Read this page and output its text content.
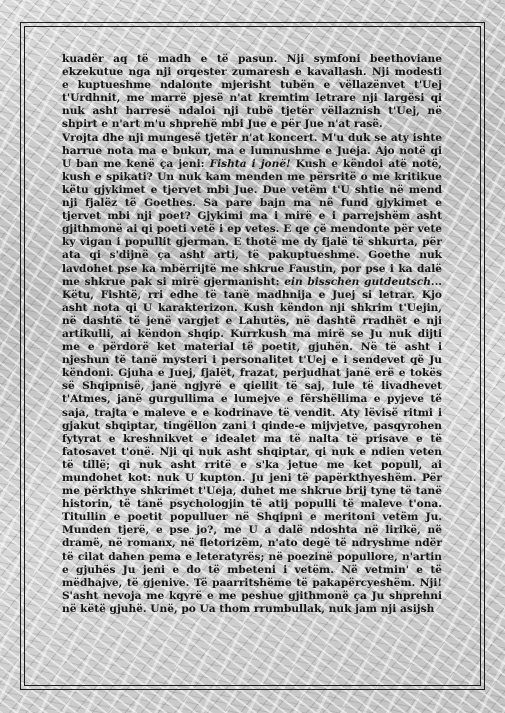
kuadër aq të madh e të pasun. Nji symfoni beethoviane
ekzekutue nga nji orqester zumaresh e kavallash. Nji modesti
e kuptueshme ndalonte mjerisht tubën e vëllazënvet t'Uej
t'Urdhnit, me marrë pjesë n'at kremtim letrare nji largësi qi
nuk asht harresë ndaloi nji tubë tjetër vëllaznish t'Uej, në
shpirt e n'art m'u shprehë mbi Jue e për Jue n'at rasë.
Vrojta dhe nji mungesë tjetër n'at koncert. M'u duk se aty ishte
harrue nota ma e bukur, ma e lumnushme e Jueja. Ajo notë qi
U ban me kenë ça jeni: Fishta i jonë! Kush e këndoi atë notë,
kush e spikati? Un nuk kam menden me përsritë o me kritikue
këtu gjykimet e tjervet mbi Jue. Due vetëm t'U shtie në mend
nji fjalëz të Goethes. Sa pare bajn ma në fund gjykimet e
tjervet mbi nji poet? Gjykimi ma i mirë e i parrejshëm asht
gjithmonë ai qi poeti vetë i ep vetes. E qe çë mendonte për vete
ky vigan i popullit gjerman. E thotë me dy fjalë të shkurta, për
ata qi s'dijnë ça asht arti, të pakuptueshme. Goethe nuk
lavdohet pse ka mbërrijtë me shkrue Faustin, por pse i ka dalë
me shkrue pak si mirë gjermanisht: ein bisschen gutdeutsch...
Këtu, Fishtë, rri edhe të tanë madhnija e Juej si letrar. Kjo
asht nota qi U karakterizon. Kush këndon nji shkrim t'Uejin,
në dashtë të jenë vargjet e Lahutës, në dashtë rradhët e nji
artikulli, ai këndon shqip. Kurrkush ma mirë se Ju nuk dijti
me e përdorë ket material të poetit, gjuhën. Në të asht i
njeshun të tanë mysteri i personalitet t'Uej e i sendevet që Ju
këndoni. Gjuha e Juej, fjalët, frazat, perjudhat janë erë e tokës
së Shqipnisë, janë ngjyrë e qiellit të saj, lule të livadhevet
t'Atmes, janë gurgullima e lumejve e fërshëllima e pyjeve të
saja, trajta e maleve e e kodrinave të vendit. Aty lëvisë ritmi i
gjakut shqiptar, tingëllon zani i qinde-e mijvjetve, pasqyrohen
fytyrat e kreshnikvet e idealet ma të nalta të prisave e të
fatosavet t'onë. Nji qi nuk asht shqiptar, qi nuk e ndien veten
të tillë; qi nuk asht rritë e s'ka jetue me ket popull, ai
mundohet kot: nuk U kupton. Ju jeni të papërkthyeshëm. Për
me përkthye shkrimet t'Ueja, duhet me shkrue brij tyne të tanë
historin, të tanë psychologjin të atij populli të maleve t'ona.
Titullin e poetit populluer në Shqipni e meritoni vetëm Ju.
Munden tjerë, e pse jo?, me U a dalë ndoshta në lirikë, në
dramë, në romanx, në fletorizëm, n'ato degë të ndryshme ndër
të cilat dahen pema e leteratyrës; në poezinë popullore, n'artin
e gjuhës Ju jeni e do të mbeteni i vetëm. Në vetmin' e të
mëdhajve, të gjenive. Të paarritshëme të pakapërcyeshëm. Nji!
S'asht nevoja me kqyrë e me peshue gjithmonë ça Ju shprehni
në këtë gjuhë. Unë, po Ua thom rrumbullak, nuk jam nji asijsh
